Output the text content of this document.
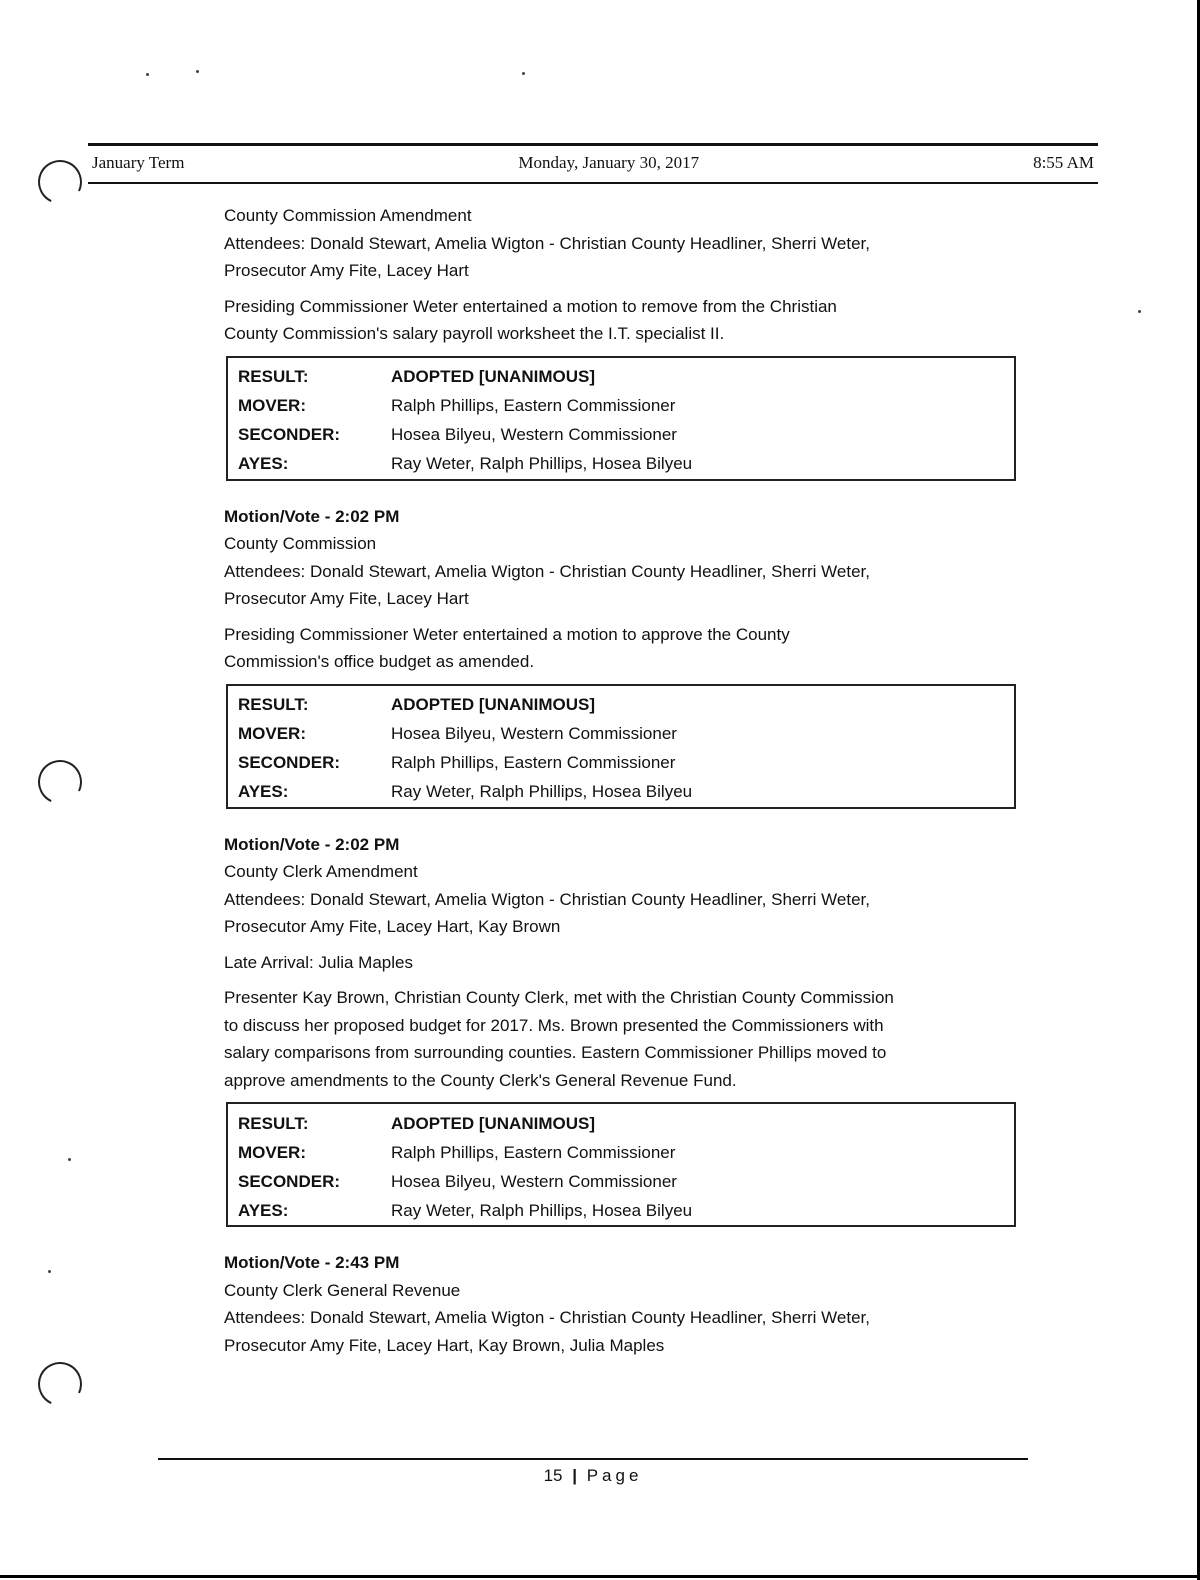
January Term	Monday, January 30, 2017	8:55 AM

County Commission Amendment

Attendees: Donald Stewart, Amelia Wigton - Christian County Headliner, Sherri Weter,

Prosecutor Amy Fite, Lacey Hart

Presiding Commissioner Weter entertained a motion to remove from the Christian

County Commission's salary payroll worksheet the I.T. specialist II.

RESULT:	ADOPTED [UNANIMOUS]
MOVER:	Ralph Phillips, Eastern Commissioner
SECONDER:	Hosea Bilyeu, Western Commissioner
AYES:	Ray Weter, Ralph Phillips, Hosea Bilyeu

Motion/Vote - 2:02 PM

County Commission

Attendees: Donald Stewart, Amelia Wigton - Christian County Headliner, Sherri Weter,

Prosecutor Amy Fite, Lacey Hart

Presiding Commissioner Weter entertained a motion to approve the County

Commission's office budget as amended.

RESULT:	ADOPTED [UNANIMOUS]
MOVER:	Hosea Bilyeu, Western Commissioner
SECONDER:	Ralph Phillips, Eastern Commissioner
AYES:	Ray Weter, Ralph Phillips, Hosea Bilyeu

Motion/Vote - 2:02 PM

County Clerk Amendment

Attendees: Donald Stewart, Amelia Wigton - Christian County Headliner, Sherri Weter,

Prosecutor Amy Fite, Lacey Hart, Kay Brown

Late Arrival: Julia Maples

Presenter Kay Brown, Christian County Clerk, met with the Christian County Commission

to discuss her proposed budget for 2017. Ms. Brown presented the Commissioners with

salary comparisons from surrounding counties. Eastern Commissioner Phillips moved to

approve amendments to the County Clerk's General Revenue Fund.

RESULT:	ADOPTED [UNANIMOUS]
MOVER:	Ralph Phillips, Eastern Commissioner
SECONDER:	Hosea Bilyeu, Western Commissioner
AYES:	Ray Weter, Ralph Phillips, Hosea Bilyeu

Motion/Vote - 2:43 PM

County Clerk General Revenue

Attendees: Donald Stewart, Amelia Wigton - Christian County Headliner, Sherri Weter,

Prosecutor Amy Fite, Lacey Hart, Kay Brown, Julia Maples

15 | Page
